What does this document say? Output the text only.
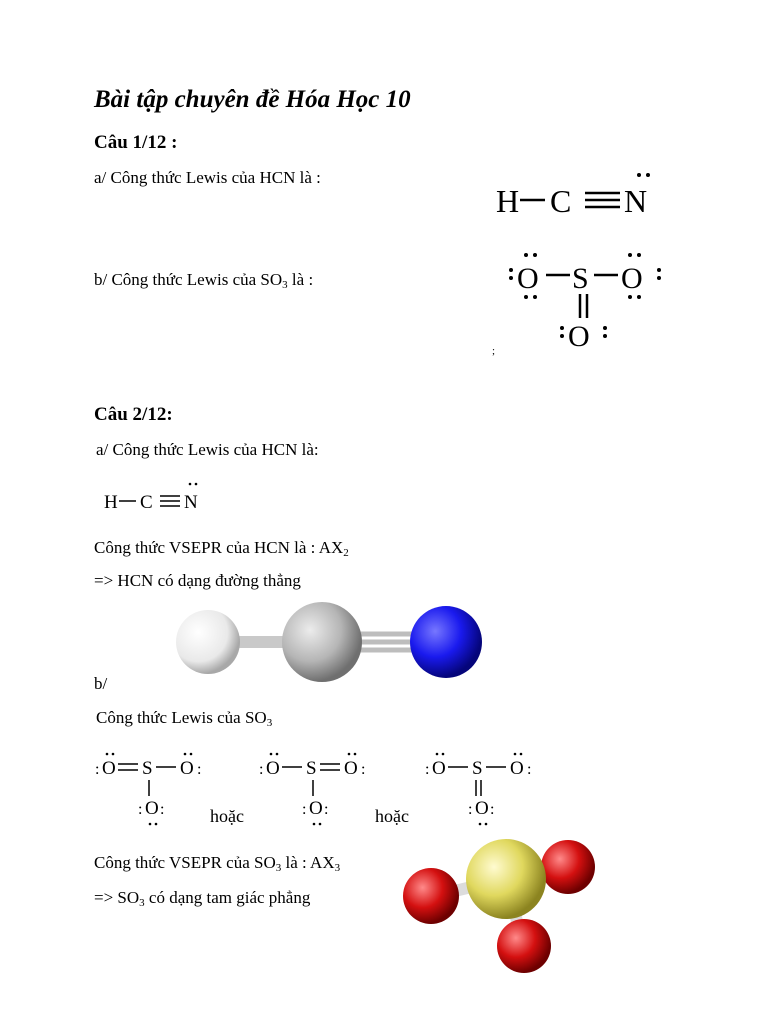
Bài tập chuyên đề Hóa Học 10
Câu 1/12 :
a/ Công thức Lewis của HCN là :
H C N
b/ Công thức Lewis của $SO_3$ là :	O S O
O
;
Câu 2/12:
a/ Công thức Lewis của HCN là:
H C N
Công thức VSEPR của HCN là : $AX_2$
=> HCN có dạng đường thẳng
b/
Công thức Lewis của $SO_3$
: O S O :
: O :
: O S O :
: O :
: O S O :
: O :
hoặc	hoặc
Công thức VSEPR của $SO_3$ là : $AX_3$
=> $SO_3$ có dạng tam giác phẳng
